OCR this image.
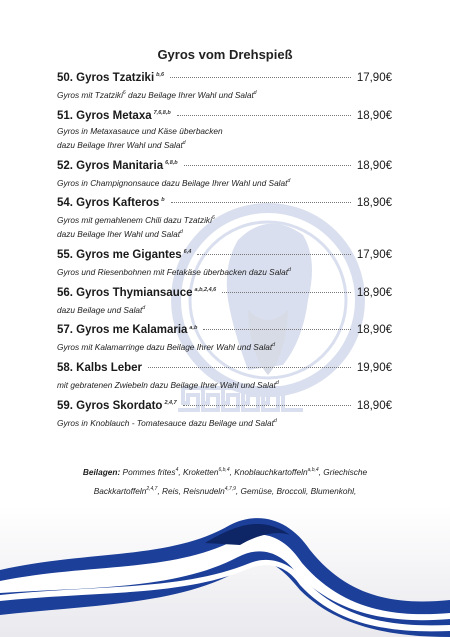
Gyros vom Drehspieß
50. Gyros Tzatziki $^{b,6}$	17,90€
Gyros mit Tzatziki$^6$ dazu Beilage Ihrer Wahl und Salat$^d$
51. Gyros Metaxa $^{7,6,8,b}$	18,90€
Gyros in Metaxasauce und Käse überbacken
dazu Beilage Ihrer Wahl und Salat$^d$
52. Gyros Manitaria $^{6,8,b}$	18,90€
Gyros in Champignonsauce dazu Beilage Ihrer Wahl und Salat$^d$
54. Gyros Kafteros $^b$	18,90€
Gyros mit gemahlenem Chili dazu Tzatziki$^6$
dazu Beilage Iher Wahl und Salat$^d$
55. Gyros me Gigantes $^{6,4}$	17,90€
Gyros und Riesenbohnen mit Fetakäse überbacken dazu Salat$^d$
56. Gyros Thymiansauce $^{a,b,2,4,6}$	18,90€
dazu Beilage und Salat$^d$
57. Gyros me Kalamaria $^{a,b}$	18,90€
Gyros mit Kalamarringe dazu Beilage Ihrer Wahl und Salat$^d$
58. Kalbs Leber	19,90€
mit gebratenen Zwiebeln dazu Beilage Ihrer Wahl und Salat$^d$
59. Gyros Skordato $^{2,4,7}$	18,90€
Gyros in Knoblauch - Tomatesauce dazu Beilage und Salat$^d$
Beilagen: Pommes frites$^4$, Kroketten$^{6,b,4}$, Knoblauchkartoffeln$^{a,b,4}$, Griechische
Backkartoffeln$^{2,4,7}$, Reis, Reisnudeln$^{4,7,9}$, Gemüse, Broccoli, Blumenkohl,
